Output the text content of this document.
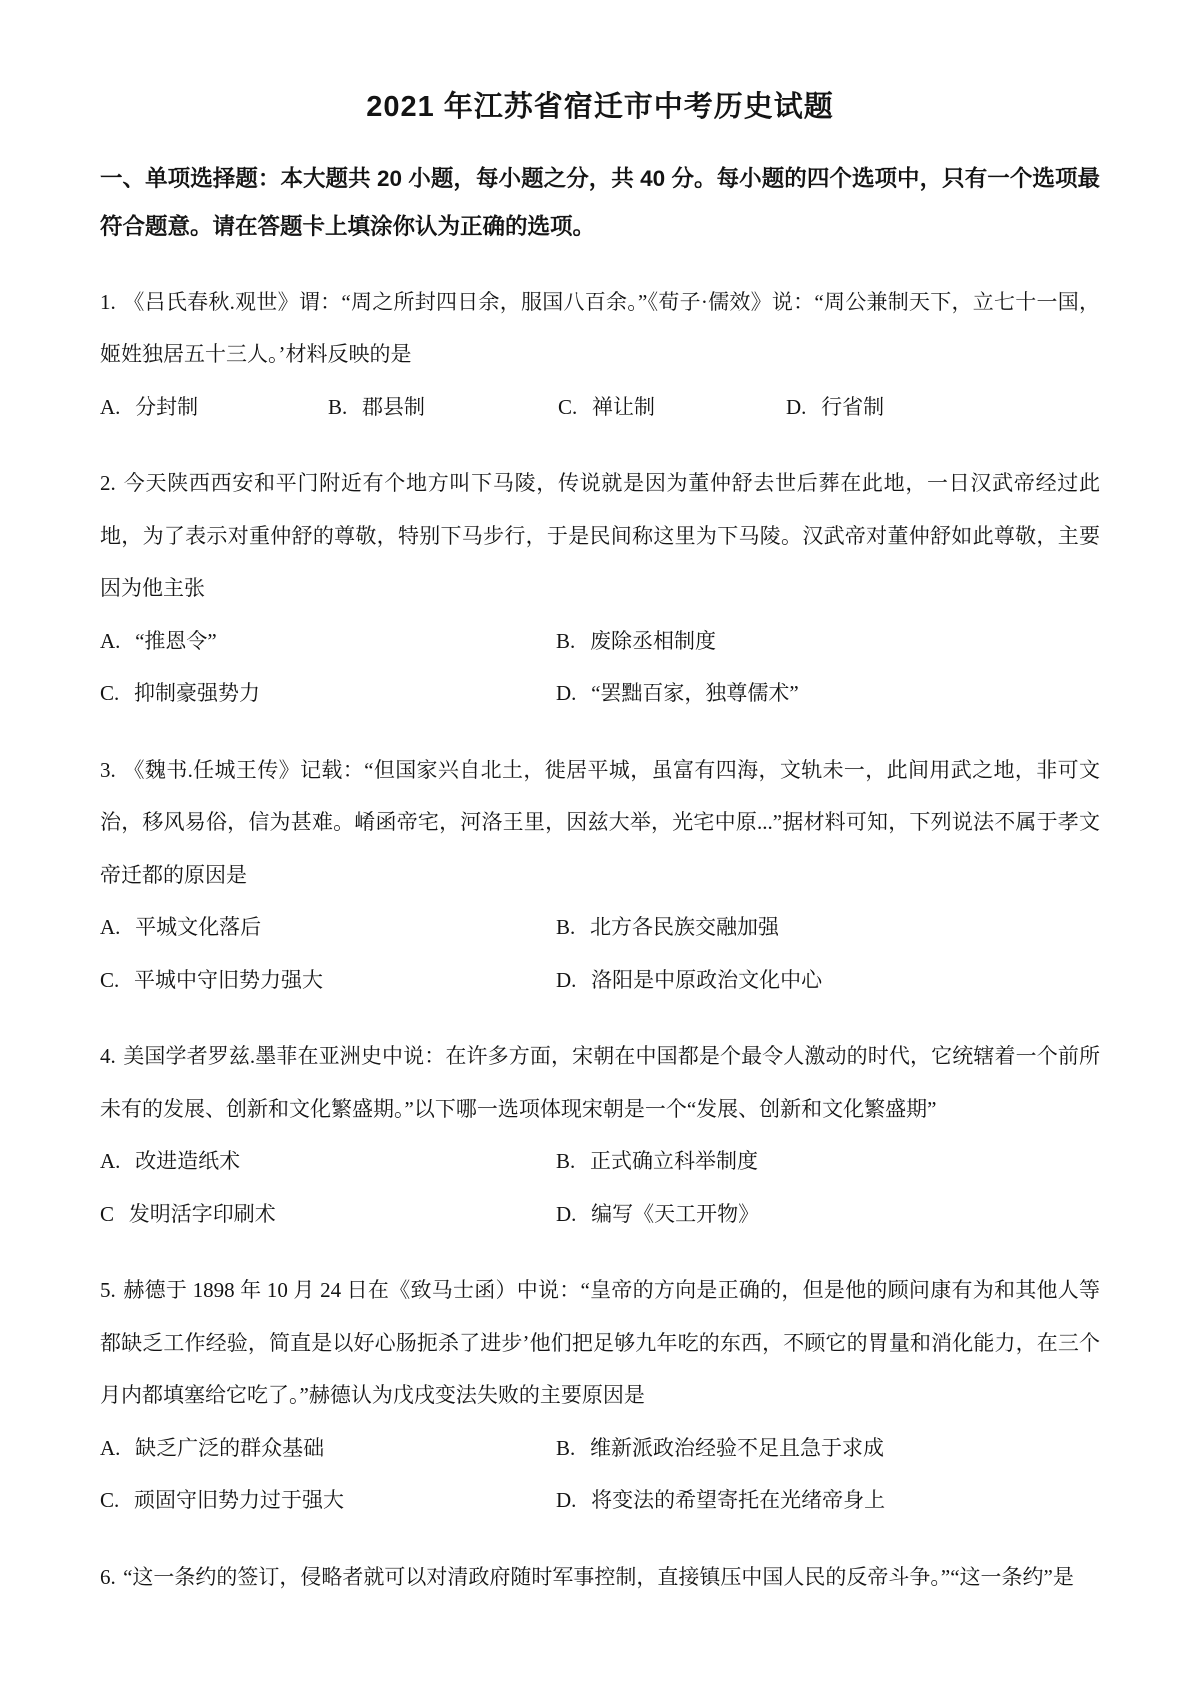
2021 年江苏省宿迁市中考历史试题

一、单项选择题：本大题共 20 小题，每小题之分，共 40 分。每小题的四个选项中，只有一个选项最符合题意。请在答题卡上填涂你认为正确的选项。

1. 《吕氏春秋.观世》谓：“周之所封四日余，服国八百余。”《荀子·儒效》说：“周公兼制天下，立七十一国，姬姓独居五十三人。’材料反映的是

A. 分封制	B. 郡县制	C. 禅让制	D. 行省制

2. 今天陕西西安和平门附近有个地方叫下马陵，传说就是因为董仲舒去世后葬在此地，一日汉武帝经过此地，为了表示对重仲舒的尊敬，特别下马步行，于是民间称这里为下马陵。汉武帝对董仲舒如此尊敬，主要因为他主张

A. “推恩令”	B. 废除丞相制度
C. 抑制豪强势力	D. “罢黜百家，独尊儒术”

3. 《魏书.任城王传》记载：“但国家兴自北土，徙居平城，虽富有四海，文轨未一，此间用武之地，非可文治，移风易俗，信为甚难。崤函帝宅，河洛王里，因兹大举，光宅中原...”据材料可知，下列说法不属于孝文帝迁都的原因是

A. 平城文化落后	B. 北方各民族交融加强
C. 平城中守旧势力强大	D. 洛阳是中原政治文化中心

4. 美国学者罗兹.墨菲在亚洲史中说：在许多方面，宋朝在中国都是个最令人激动的时代，它统辖着一个前所未有的发展、创新和文化繁盛期。”以下哪一选项体现宋朝是一个“发展、创新和文化繁盛期”

A. 改进造纸术	B. 正式确立科举制度
C 发明活字印刷术	D. 编写《天工开物》

5. 赫德于 1898 年 10 月 24 日在《致马士函）中说：“皇帝的方向是正确的，但是他的顾问康有为和其他人等都缺乏工作经验，简直是以好心肠扼杀了进步’他们把足够九年吃的东西，不顾它的胃量和消化能力，在三个月内都填塞给它吃了。”赫德认为戊戌变法失败的主要原因是

A. 缺乏广泛的群众基础	B. 维新派政治经验不足且急于求成
C. 顽固守旧势力过于强大	D. 将变法的希望寄托在光绪帝身上

6. “这一条约的签订，侵略者就可以对清政府随时军事控制，直接镇压中国人民的反帝斗争。”“这一条约”是
